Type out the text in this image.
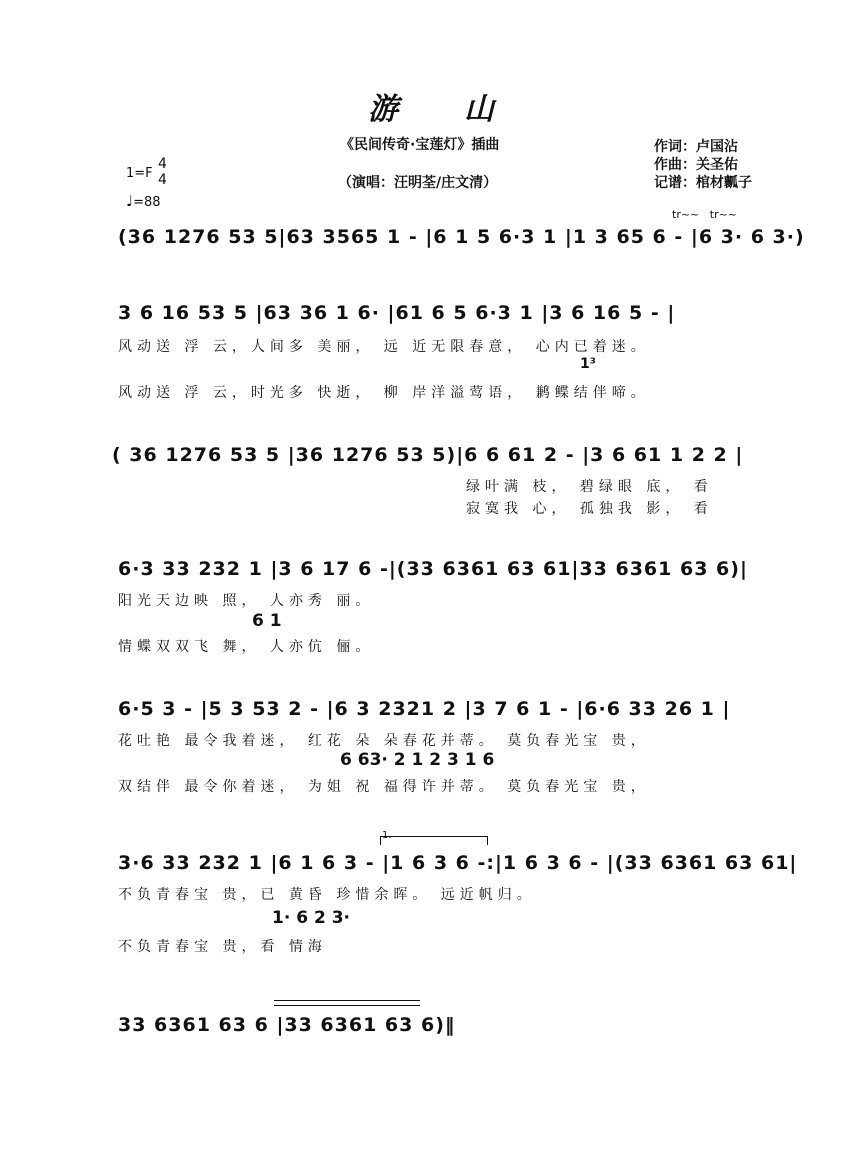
游　　山
《民间传奇·宝莲灯》插曲
（演唱：汪明荃/庄文清）
作词：卢国沾
作曲：关圣佑
记谱：棺材瓤子
1=F
4
4
♩=88
(36 1276 53 5|63 3565 1 - |6 1 5 6·3 1 |1 3 65 6 - |6 3· 6 3·)
tr~~   tr~~
3 6 16 53 5 |63 36 1 6· |61 6 5 6·3 1 |3 6 16 5 - |
风动送 浮 云，人间多 美丽， 远 近无限春意， 心内已着迷。
1³
风动送 浮 云，时光多 快逝， 柳 岸洋溢莺语， 鹣鲽结伴啼。
( 36 1276 53 5 |36 1276 53 5)|6 6 61 2 - |3 6 61 1 2 2 |
绿叶满 枝， 碧绿眼 底， 看
寂寞我 心， 孤独我 影， 看
6·3 33 232 1 |3 6 17 6 -|(33 6361 63 61|33 6361 63 6)|
阳光天边映 照， 人亦秀 丽。
6 1
情蝶双双飞 舞， 人亦伉 俪。
6·5 3 - |5 3 53 2 - |6 3 2321 2 |3 7 6 1 - |6·6 33 26 1 |
花吐艳 最令我着迷， 红花 朵 朵春花并蒂。 莫负春光宝 贵，
6 63· 2 1 2 3 1 6
双结伴 最令你着迷， 为姐 祝 福得许并蒂。 莫负春光宝 贵，
1.
3·6 33 232 1 |6 1 6 3 - |1 6 3 6 -:|1 6 3 6 - |(33 6361 63 61|
不负青春宝 贵，已 黄昏 珍惜余晖。 远近帆归。
1· 6 2 3·
不负青春宝 贵，看 情海
33 6361 63 6 |33 6361 63 6)‖
